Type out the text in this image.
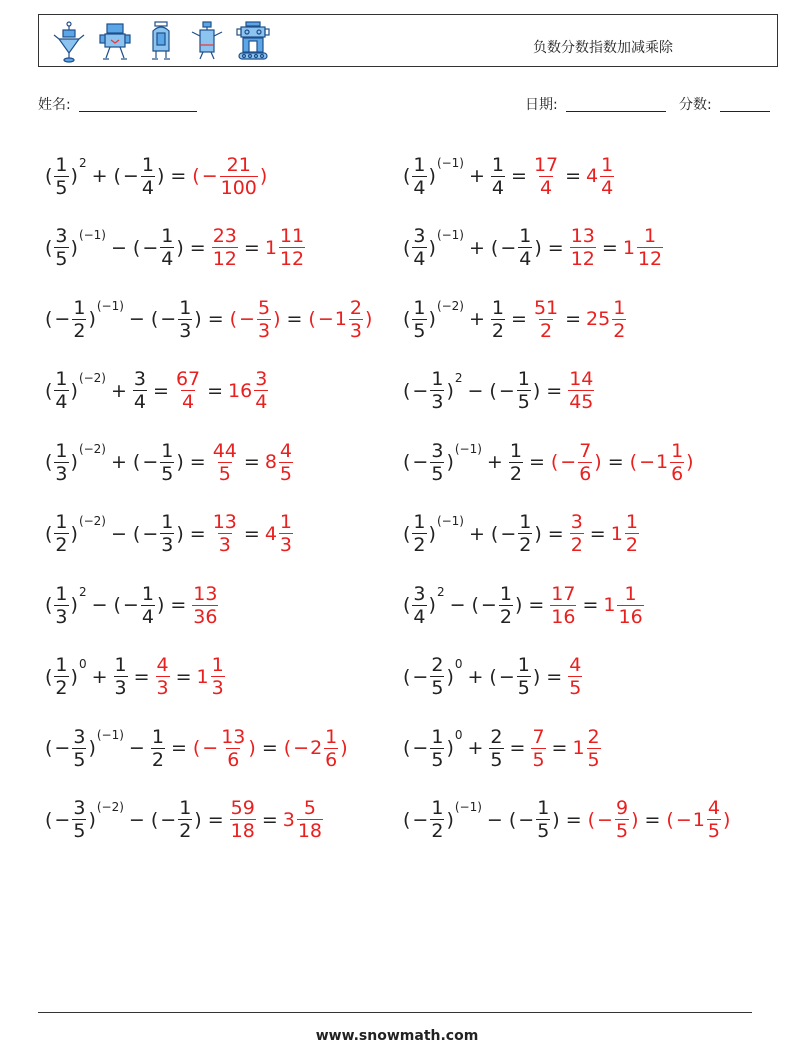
负数分数指数加减乘除
姓名:	日期:	分数:
( $\frac{1}{5}$ )
2
+ ( − $\frac{1}{4}$ ) = ( − $\frac{21}{100}$ )	( $\frac{1}{4}$ )
(−1)
+ $\frac{1}{4} = \frac{17}{4} = 4 \frac{1}{4}$
( $\frac{3}{5}$ )
(−1)
− ( − $\frac{1}{4}$ ) = $\frac{23}{12} = 1 \frac{11}{12}$	( $\frac{3}{4}$ )
(−1)
+ ( − $\frac{1}{4}$ ) = $\frac{13}{12} = 1 \frac{1}{12}$
( − $\frac{1}{2}$ )
(−1)
− ( − $\frac{1}{3}$ ) = ( − $\frac{5}{3}$ ) = ( − $1 \frac{2}{3}$ ) ( $\frac{1}{5}$ )
(−2)
+ $\frac{1}{2} = \frac{51}{2} = 25 \frac{1}{2}$
( $\frac{1}{4}$ )
(−2)
+ $\frac{3}{4} = \frac{67}{4} = 16 \frac{3}{4}$	( − $\frac{1}{3}$ )
2
− ( − $\frac{1}{5}$ ) = $\frac{14}{45}$
( $\frac{1}{3}$ )
(−2)
+ ( − $\frac{1}{5}$ ) = $\frac{44}{5} = 8 \frac{4}{5}$	( − $\frac{3}{5}$ )
(−1)
+ $\frac{1}{2}$ = ( − $\frac{7}{6}$ ) = ( − $1 \frac{1}{6}$ )
( $\frac{1}{2}$ )
(−2)
− ( − $\frac{1}{3}$ ) = $\frac{13}{3} = 4 \frac{1}{3}$	( $\frac{1}{2}$ )
(−1)
+ ( − $\frac{1}{2}$ ) = $\frac{3}{2} = 1 \frac{1}{2}$
( $\frac{1}{3}$ )
2
− ( − $\frac{1}{4}$ ) = $\frac{13}{36}$	( $\frac{3}{4}$ )
2
− ( − $\frac{1}{2}$ ) = $\frac{17}{16} = 1 \frac{1}{16}$
( $\frac{1}{2}$ )
0
+ $\frac{1}{3} = \frac{4}{3} = 1 \frac{1}{3}$	( − $\frac{2}{5}$ )
0
+ ( − $\frac{1}{5}$ ) = $\frac{4}{5}$
( − $\frac{3}{5}$ )
(−1)
− $\frac{1}{2}$ = ( − $\frac{13}{6}$ ) = ( − $2 \frac{1}{6}$ )	( − $\frac{1}{5}$ )
0
+ $\frac{2}{5} = \frac{7}{5} = 1 \frac{2}{5}$
( − $\frac{3}{5}$ )
(−2)
− ( − $\frac{1}{2}$ ) = $\frac{59}{18} = 3 \frac{5}{18}$	( − $\frac{1}{2}$ )
(−1)
− ( − $\frac{1}{5}$ ) = ( − $\frac{9}{5}$ ) = ( − $1 \frac{4}{5}$ )
www.snowmath.com
